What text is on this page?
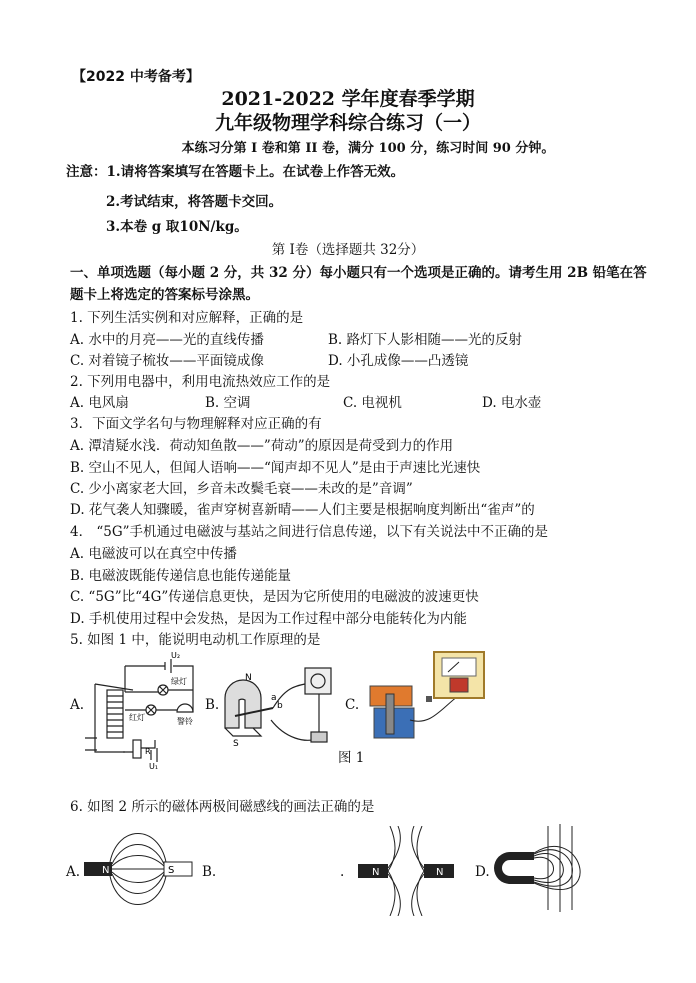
【2022 中考备考】
2021-2022 学年度春季学期
九年级物理学科综合练习（一）
本练习分第 I 卷和第 II 卷，满分 100 分，练习时间 90 分钟。
注意：1.请将答案填写在答题卡上。在试卷上作答无效。
2.考试结束，将答题卡交回。
3.本卷 g 取10N/kg。
第 I卷（选择题共 32分）
一、单项选题（每小题 2 分，共 32 分）每小题只有一个选项是正确的。请考生用 2B 铅笔在答题卡上将选定的答案标号涂黑。
1. 下列生活实例和对应解释，正确的是
A. 水中的月亮——光的直线传播	B. 路灯下人影相随——光的反射
C. 对着镜子梳妆——平面镜成像	D. 小孔成像——凸透镜
2. 下列用电器中，利用电流热效应工作的是
A. 电风扇	B. 空调	C. 电视机	D. 电水壶
3．下面文学名句与物理解释对应正确的有
A. 潭清疑水浅．荷动知鱼散——”荷动”的原因是荷受到力的作用
B. 空山不见人，但闻人语响——“闻声却不见人”是由于声速比光速快
C. 少小离家老大回，乡音未改鬓毛衰——未改的是”音调”
D. 花气袭人知骤暖，雀声穿树喜新晴——人们主要是根据响度判断出“雀声”的
4． “5G”手机通过电磁波与基站之间进行信息传递，以下有关说法中不正确的是
A. 电磁波可以在真空中传播
B. 电磁波既能传递信息也能传递能量
C. “5G”比“4G”传递信息更快，是因为它所使用的电磁波的波速更快
D. 手机使用过程中会发热，是因为工作过程中部分电能转化为内能
5. 如图 1 中，能说明电动机工作原理的是
A.	B.	C.
图 1
U₂
绿灯
红灯	警铃
R
U₁
N
S
a
b
6. 如图 2 所示的磁体两极间磁感线的画法正确的是
A.	B.	.	D.
N	S	N	N
